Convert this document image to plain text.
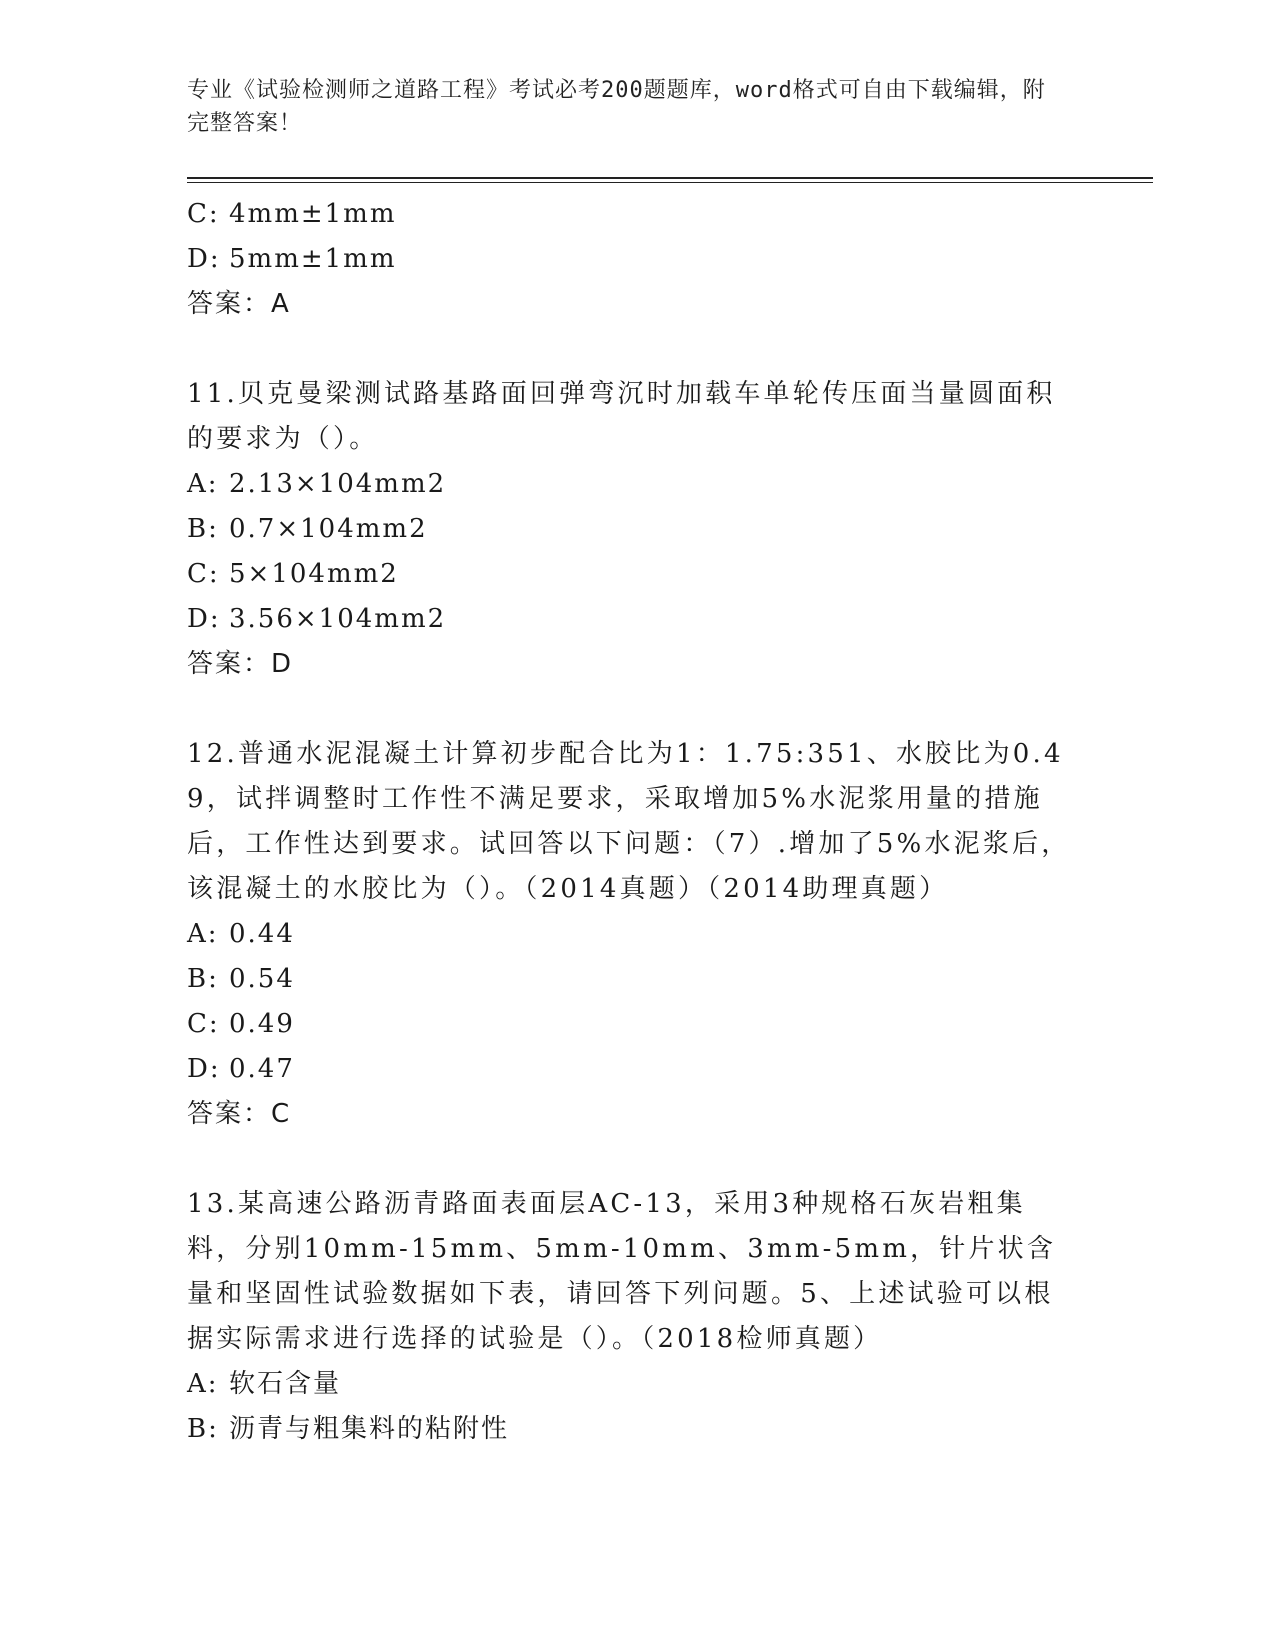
专业《试验检测师之道路工程》考试必考200题题库，word格式可自由下载编辑，附完整答案！
C: 4mm±1mm
D: 5mm±1mm
答案：A
11.贝克曼梁测试路基路面回弹弯沉时加载车单轮传压面当量圆面积的要求为（）。
A: 2.13×104mm2
B: 0.7×104mm2
C: 5×104mm2
D: 3.56×104mm2
答案：D
12.普通水泥混凝土计算初步配合比为1：1.75:351、水胶比为0.49，试拌调整时工作性不满足要求，采取增加5%水泥浆用量的措施后，工作性达到要求。试回答以下问题：（7）.增加了5%水泥浆后，该混凝土的水胶比为（）。（2014真题）（2014助理真题）
A: 0.44
B: 0.54
C: 0.49
D: 0.47
答案：C
13.某高速公路沥青路面表面层AC-13，采用3种规格石灰岩粗集料，分别10mm-15mm、5mm-10mm、3mm-5mm，针片状含量和坚固性试验数据如下表，请回答下列问题。5、上述试验可以根据实际需求进行选择的试验是（）。（2018检师真题）
A: 软石含量
B: 沥青与粗集料的粘附性
